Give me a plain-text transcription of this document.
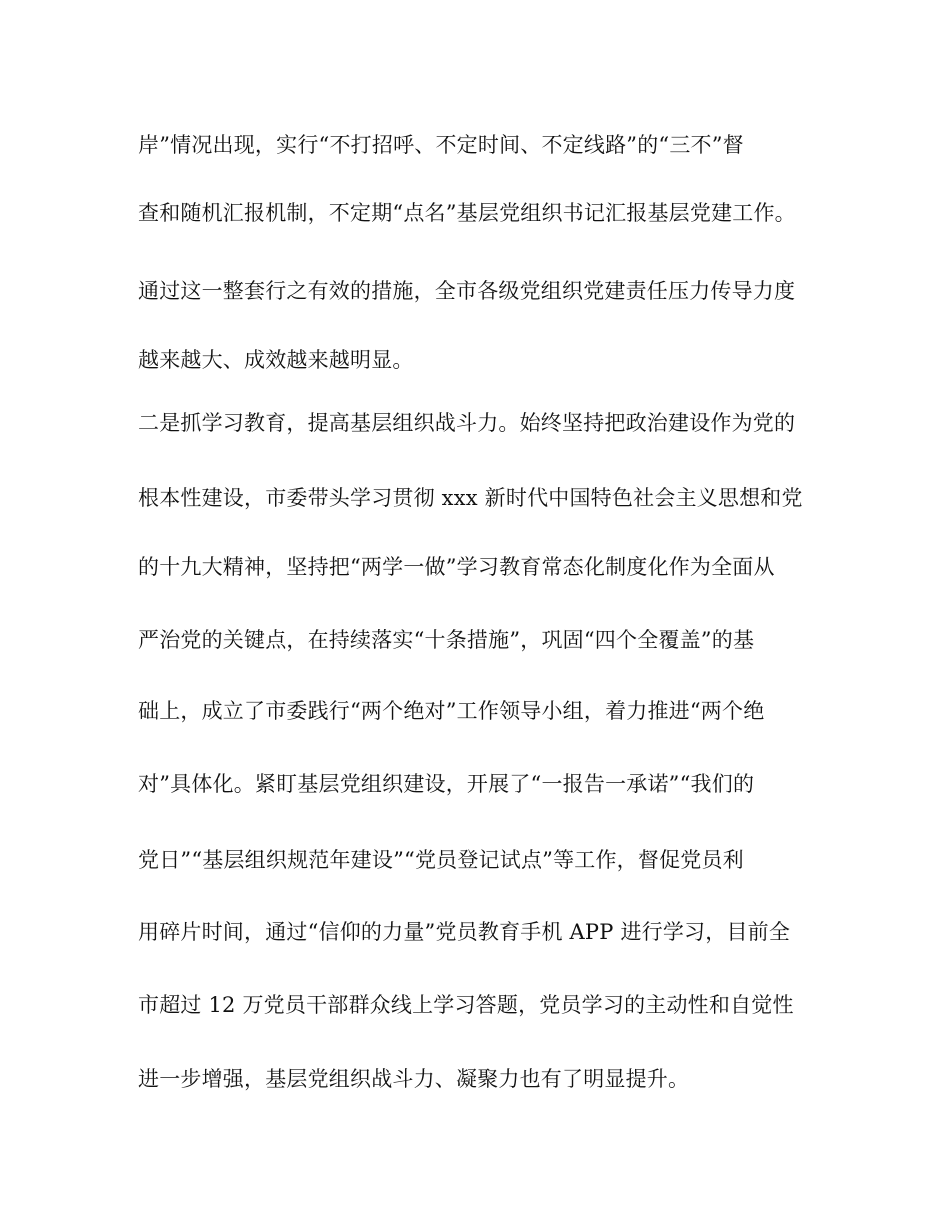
岸”情况出现，实行“不打招呼、不定时间、不定线路”的“三不”督

查和随机汇报机制，不定期“点名”基层党组织书记汇报基层党建工作。

通过这一整套行之有效的措施，全市各级党组织党建责任压力传导力度

越来越大、成效越来越明显。

二是抓学习教育，提高基层组织战斗力。始终坚持把政治建设作为党的

根本性建设，市委带头学习贯彻 xxx 新时代中国特色社会主义思想和党

的十九大精神，坚持把“两学一做”学习教育常态化制度化作为全面从

严治党的关键点，在持续落实“十条措施”，巩固“四个全覆盖”的基

础上，成立了市委践行“两个绝对”工作领导小组，着力推进“两个绝

对”具体化。紧盯基层党组织建设，开展了“一报告一承诺”“我们的

党日”“基层组织规范年建设”“党员登记试点”等工作，督促党员利

用碎片时间，通过“信仰的力量”党员教育手机 APP 进行学习，目前全

市超过 12 万党员干部群众线上学习答题，党员学习的主动性和自觉性

进一步增强，基层党组织战斗力、凝聚力也有了明显提升。
